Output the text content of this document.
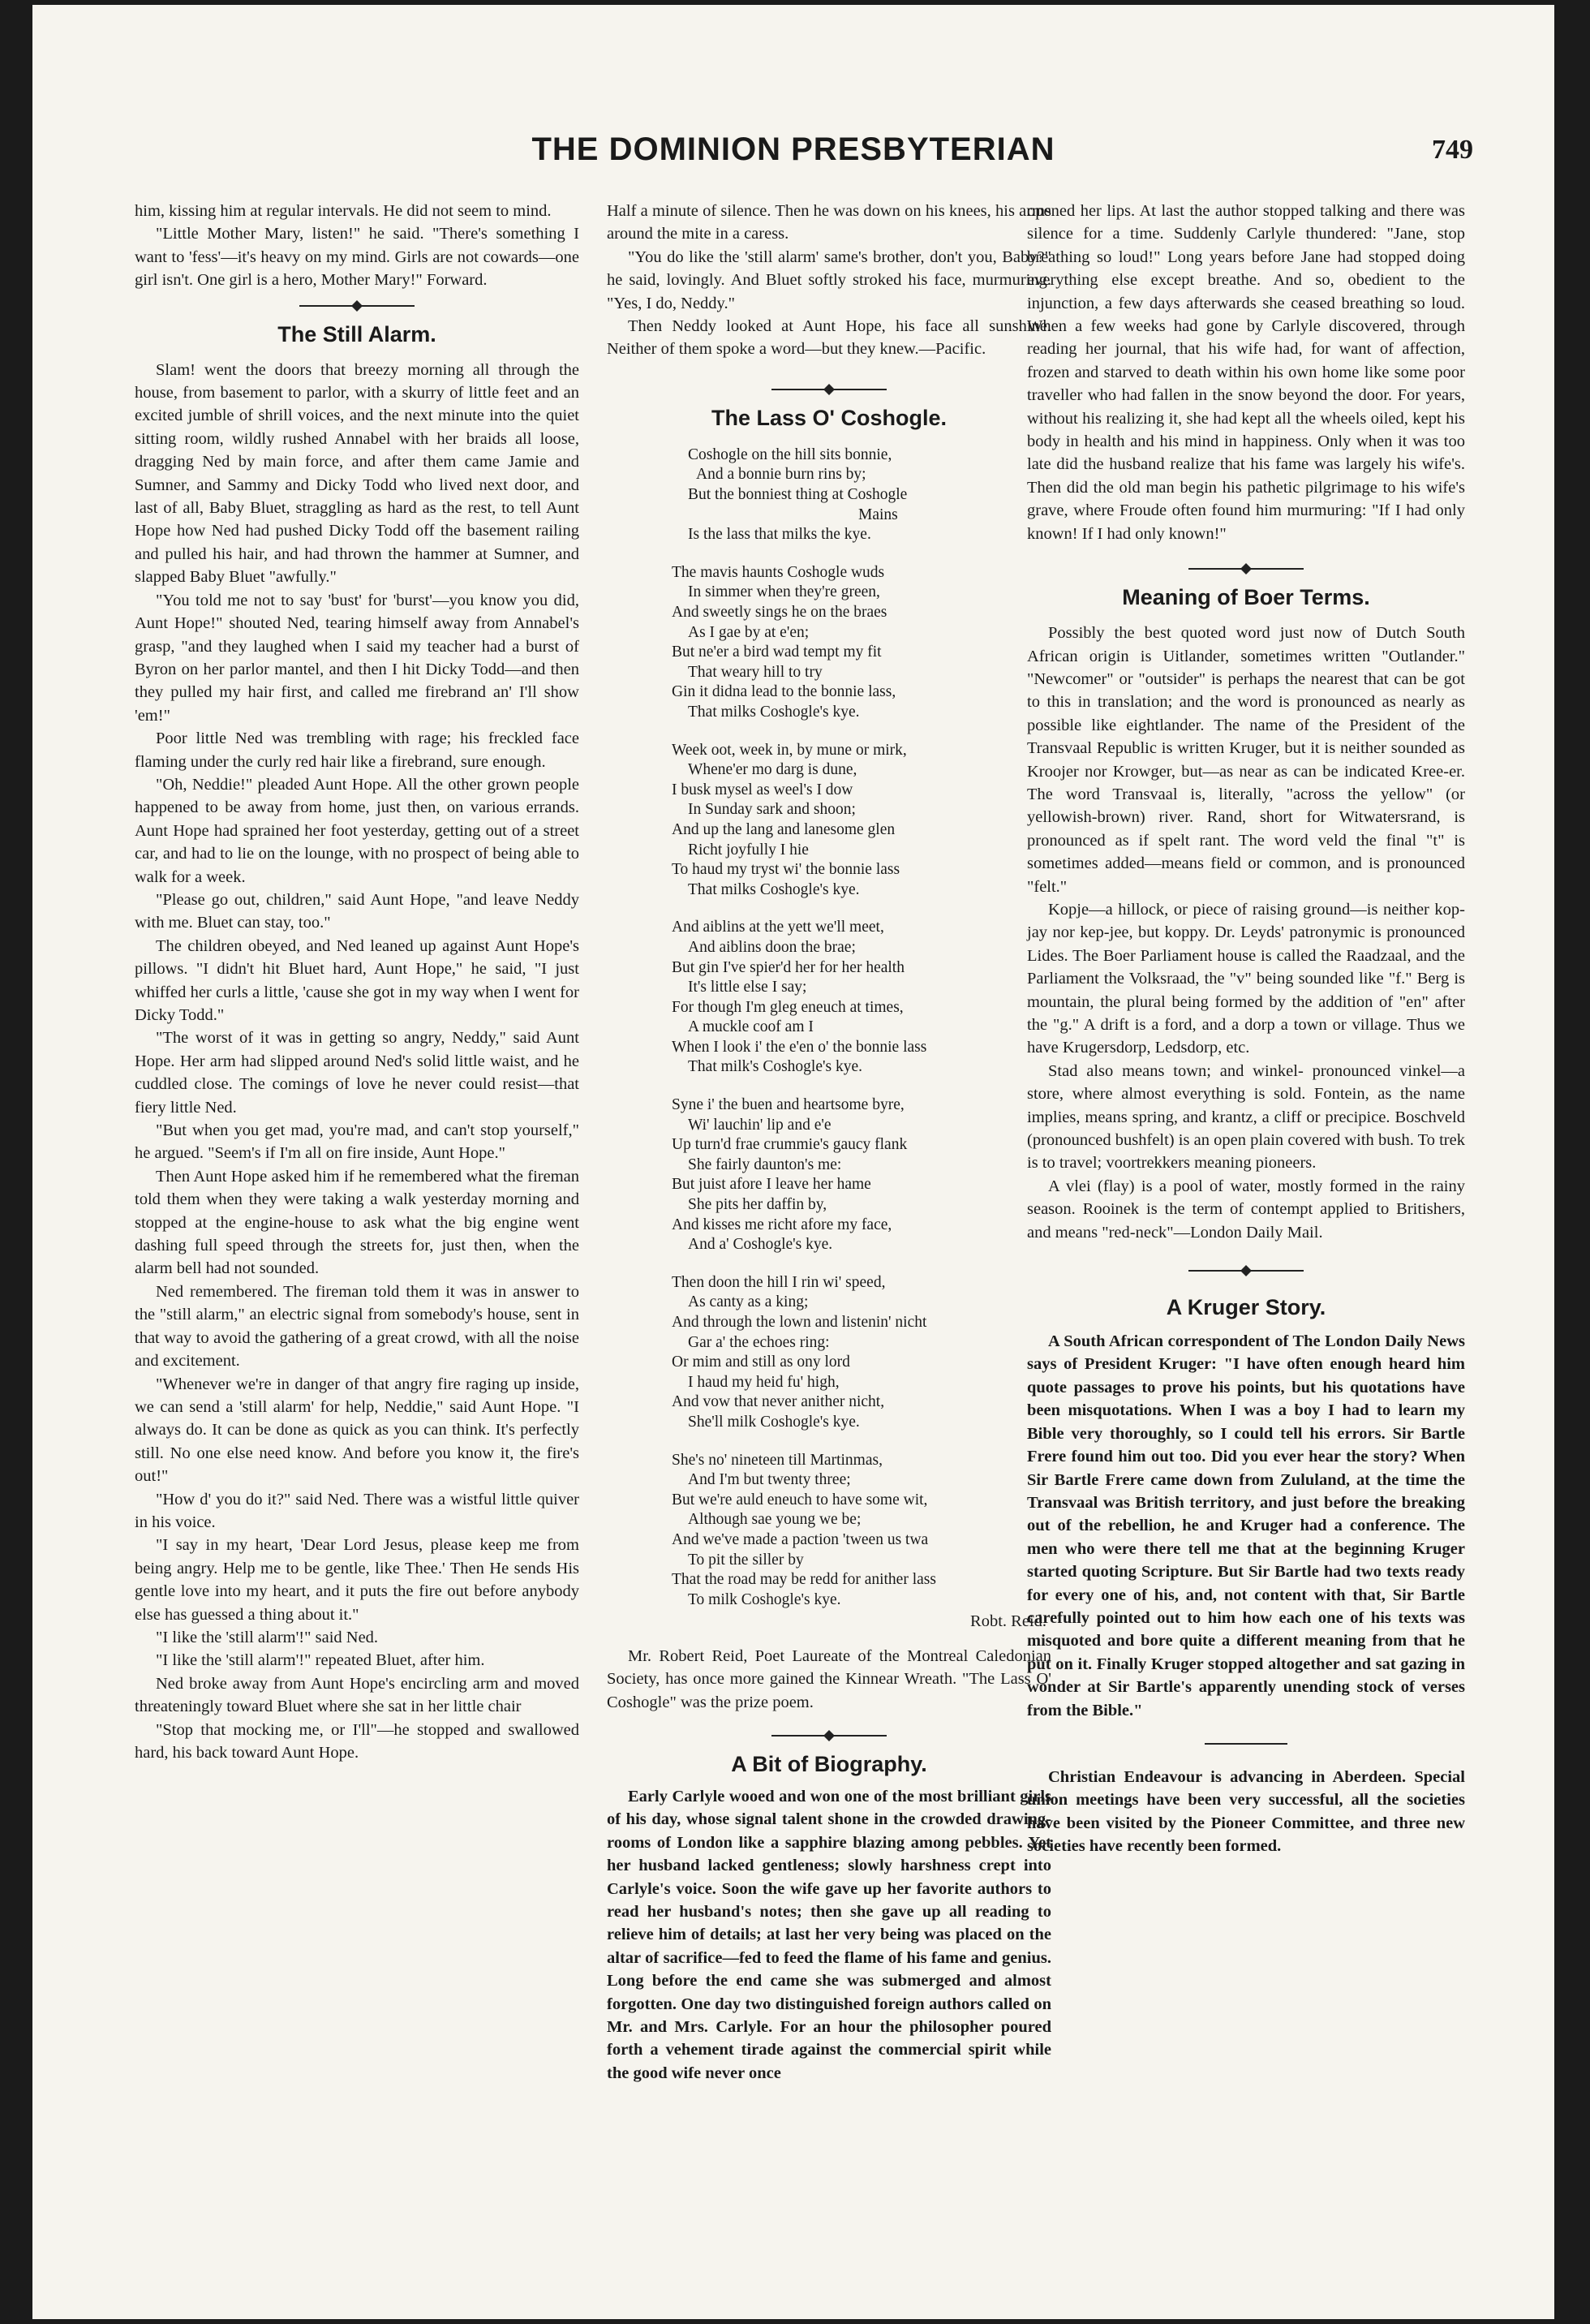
THE DOMINION PRESBYTERIAN	749

him, kissing him at regular intervals. He did not seem to mind.

"Little Mother Mary, listen!" he said. "There's something I want to 'fess'—it's heavy on my mind. Girls are not cowards—one girl isn't. One girl is a hero, Mother Mary!" Forward.

The Still Alarm.

Slam! went the doors that breezy morning all through the house, from basement to parlor, with a skurry of little feet and an excited jumble of shrill voices, and the next minute into the quiet sitting room, wildly rushed Annabel with her braids all loose, dragging Ned by main force, and after them came Jamie and Sumner, and Sammy and Dicky Todd who lived next door, and last of all, Baby Bluet, straggling as hard as the rest, to tell Aunt Hope how Ned had pushed Dicky Todd off the basement railing and pulled his hair, and had thrown the hammer at Sumner, and slapped Baby Bluet "awfully."

"You told me not to say 'bust' for 'burst'—you know you did, Aunt Hope!" shouted Ned, tearing himself away from Annabel's grasp, "and they laughed when I said my teacher had a burst of Byron on her parlor mantel, and then I hit Dicky Todd—and then they pulled my hair first, and called me firebrand an' I'll show 'em!"

Poor little Ned was trembling with rage; his freckled face flaming under the curly red hair like a firebrand, sure enough.

"Oh, Neddie!" pleaded Aunt Hope. All the other grown people happened to be away from home, just then, on various errands. Aunt Hope had sprained her foot yesterday, getting out of a street car, and had to lie on the lounge, with no prospect of being able to walk for a week.

"Please go out, children," said Aunt Hope, "and leave Neddy with me. Bluet can stay, too."

The children obeyed, and Ned leaned up against Aunt Hope's pillows. "I didn't hit Bluet hard, Aunt Hope," he said, "I just whiffed her curls a little, 'cause she got in my way when I went for Dicky Todd."

"The worst of it was in getting so angry, Neddy," said Aunt Hope. Her arm had slipped around Ned's solid little waist, and he cuddled close. The comings of love he never could resist—that fiery little Ned.

"But when you get mad, you're mad, and can't stop yourself," he argued. "Seem's if I'm all on fire inside, Aunt Hope."

Then Aunt Hope asked him if he remembered what the fireman told them when they were taking a walk yesterday morning and stopped at the engine-house to ask what the big engine went dashing full speed through the streets for, just then, when the alarm bell had not sounded.

Ned remembered. The fireman told them it was in answer to the "still alarm," an electric signal from somebody's house, sent in that way to avoid the gathering of a great crowd, with all the noise and excitement.

"Whenever we're in danger of that angry fire raging up inside, we can send a 'still alarm' for help, Neddie," said Aunt Hope. "I always do. It can be done as quick as you can think. It's perfectly still. No one else need know. And before you know it, the fire's out!"

"How d' you do it?" said Ned. There was a wistful little quiver in his voice.

"I say in my heart, 'Dear Lord Jesus, please keep me from being angry. Help me to be gentle, like Thee.' Then He sends His gentle love into my heart, and it puts the fire out before anybody else has guessed a thing about it."

"I like the 'still alarm'!" said Ned.

"I like the 'still alarm'!" repeated Bluet, after him.

Ned broke away from Aunt Hope's encircling arm and moved threateningly toward Bluet where she sat in her little chair

"Stop that mocking me, or I'll"—he stopped and swallowed hard, his back toward Aunt Hope.

Half a minute of silence. Then he was down on his knees, his arms around the mite in a caress.

"You do like the 'still alarm' same's brother, don't you, Baby?" he said, lovingly. And Bluet softly stroked his face, murmuring. "Yes, I do, Neddy."

Then Neddy looked at Aunt Hope, his face all sunshine. Neither of them spoke a word—but they knew.—Pacific.

The Lass O' Coshogle.
Coshogle on the hill sits bonnie,
And a bonnie burn rins by;
But the bonniest thing at Coshogle
Mains
Is the lass that milks the kye.
The mavis haunts Coshogle wuds
In simmer when they're green,
And sweetly sings he on the braes
As I gae by at e'en;
But ne'er a bird wad tempt my fit
That weary hill to try
Gin it didna lead to the bonnie lass,
That milks Coshogle's kye.
Week oot, week in, by mune or mirk,
Whene'er mo darg is dune,
I busk mysel as weel's I dow
In Sunday sark and shoon;
And up the lang and lanesome glen
Richt joyfully I hie
To haud my tryst wi' the bonnie lass
That milks Coshogle's kye.
And aiblins at the yett we'll meet,
And aiblins doon the brae;
But gin I've spier'd her for her health
It's little else I say;
For though I'm gleg eneuch at times,
A muckle coof am I
When I look i' the e'en o' the bonnie lass
That milk's Coshogle's kye.
Syne i' the buen and heartsome byre,
Wi' lauchin' lip and e'e
Up turn'd frae crummie's gaucy flank
She fairly daunton's me:
But juist afore I leave her hame
She pits her daffin by,
And kisses me richt afore my face,
And a' Coshogle's kye.
Then doon the hill I rin wi' speed,
As canty as a king;
And through the lown and listenin' nicht
Gar a' the echoes ring:
Or mim and still as ony lord
I haud my heid fu' high,
And vow that never anither nicht,
She'll milk Coshogle's kye.
She's no' nineteen till Martinmas,
And I'm but twenty three;
But we're auld eneuch to have some wit,
Although sae young we be;
And we've made a paction 'tween us twa
To pit the siller by
That the road may be redd for anither lass
To milk Coshogle's kye.
Robt. Reid.

Mr. Robert Reid, Poet Laureate of the Montreal Caledonian Society, has once more gained the Kinnear Wreath. "The Lass O' Coshogle" was the prize poem.

A Bit of Biography.

Early Carlyle wooed and won one of the most brilliant girls of his day, whose signal talent shone in the crowded drawing-rooms of London like a sapphire blazing among pebbles. Yet her husband lacked gentleness; slowly harshness crept into Carlyle's voice. Soon the wife gave up her favorite authors to read her husband's notes; then she gave up all reading to relieve him of details; at last her very being was placed on the altar of sacrifice—fed to feed the flame of his fame and genius. Long before the end came she was submerged and almost forgotten. One day two distinguished foreign authors called on Mr. and Mrs. Carlyle. For an hour the philosopher poured forth a vehement tirade against the commercial spirit while the good wife never once

opened her lips. At last the author stopped talking and there was silence for a time. Suddenly Carlyle thundered: "Jane, stop breathing so loud!" Long years before Jane had stopped doing everything else except breathe. And so, obedient to the injunction, a few days afterwards she ceased breathing so loud. When a few weeks had gone by Carlyle discovered, through reading her journal, that his wife had, for want of affection, frozen and starved to death within his own home like some poor traveller who had fallen in the snow beyond the door. For years, without his realizing it, she had kept all the wheels oiled, kept his body in health and his mind in happiness. Only when it was too late did the husband realize that his fame was largely his wife's. Then did the old man begin his pathetic pilgrimage to his wife's grave, where Froude often found him murmuring: "If I had only known! If I had only known!"

Meaning of Boer Terms.

Possibly the best quoted word just now of Dutch South African origin is Uitlander, sometimes written "Outlander." "Newcomer" or "outsider" is perhaps the nearest that can be got to this in translation; and the word is pronounced as nearly as possible like eightlander. The name of the President of the Transvaal Republic is written Kruger, but it is neither sounded as Kroojer nor Krowger, but—as near as can be indicated Kree-er. The word Transvaal is, literally, "across the yellow" (or yellowish-brown) river. Rand, short for Witwatersrand, is pronounced as if spelt rant. The word veld the final "t" is sometimes added—means field or common, and is pronounced "felt."

Kopje—a hillock, or piece of raising ground—is neither kop-jay nor kep-jee, but koppy. Dr. Leyds' patronymic is pronounced Lides. The Boer Parliament house is called the Raadzaal, and the Parliament the Volksraad, the "v" being sounded like "f." Berg is mountain, the plural being formed by the addition of "en" after the "g." A drift is a ford, and a dorp a town or village. Thus we have Krugersdorp, Ledsdorp, etc.

Stad also means town; and winkel- pronounced vinkel—a store, where almost everything is sold. Fontein, as the name implies, means spring, and krantz, a cliff or precipice. Boschveld (pronounced bushfelt) is an open plain covered with bush. To trek is to travel; voortrekkers meaning pioneers.

A vlei (flay) is a pool of water, mostly formed in the rainy season. Rooinek is the term of contempt applied to Britishers, and means "red-neck"—London Daily Mail.

A Kruger Story.

A South African correspondent of The London Daily News says of President Kruger: "I have often enough heard him quote passages to prove his points, but his quotations have been misquotations. When I was a boy I had to learn my Bible very thoroughly, so I could tell his errors. Sir Bartle Frere found him out too. Did you ever hear the story? When Sir Bartle Frere came down from Zululand, at the time the Transvaal was British territory, and just before the breaking out of the rebellion, he and Kruger had a conference. The men who were there tell me that at the beginning Kruger started quoting Scripture. But Sir Bartle had two texts ready for every one of his, and, not content with that, Sir Bartle carefully pointed out to him how each one of his texts was misquoted and bore quite a different meaning from that he put on it. Finally Kruger stopped altogether and sat gazing in wonder at Sir Bartle's apparently unending stock of verses from the Bible."

Christian Endeavour is advancing in Aberdeen. Special union meetings have been very successful, all the societies have been visited by the Pioneer Committee, and three new societies have recently been formed.
